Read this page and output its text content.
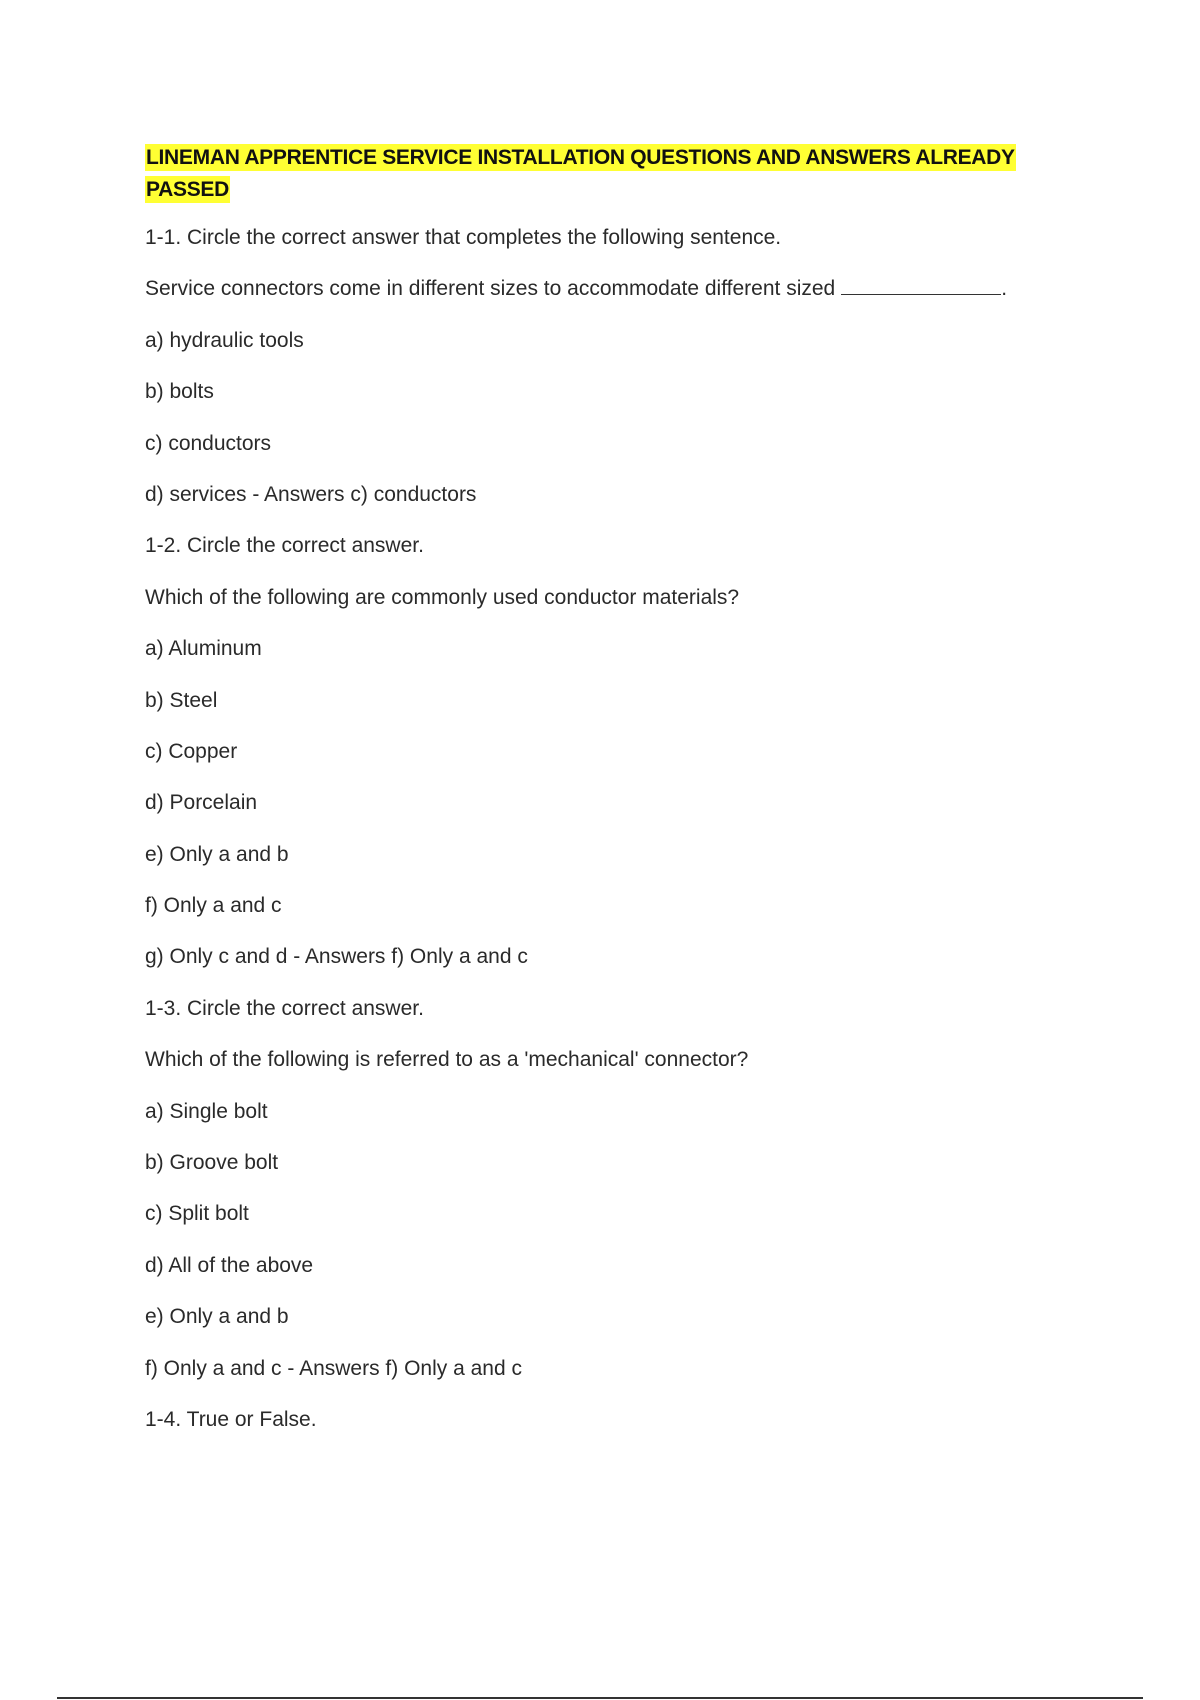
LINEMAN APPRENTICE SERVICE INSTALLATION QUESTIONS AND ANSWERS ALREADY
PASSED
1-1. Circle the correct answer that completes the following sentence.
Service connectors come in different sizes to accommodate different sized	.
a) hydraulic tools
b) bolts
c) conductors
d) services - Answers c) conductors
1-2. Circle the correct answer.
Which of the following are commonly used conductor materials?
a) Aluminum
b) Steel
c) Copper
d) Porcelain
e) Only a and b
f) Only a and c
g) Only c and d - Answers f) Only a and c
1-3. Circle the correct answer.
Which of the following is referred to as a 'mechanical' connector?
a) Single bolt
b) Groove bolt
c) Split bolt
d) All of the above
e) Only a and b
f) Only a and c - Answers f) Only a and c
1-4. True or False.
